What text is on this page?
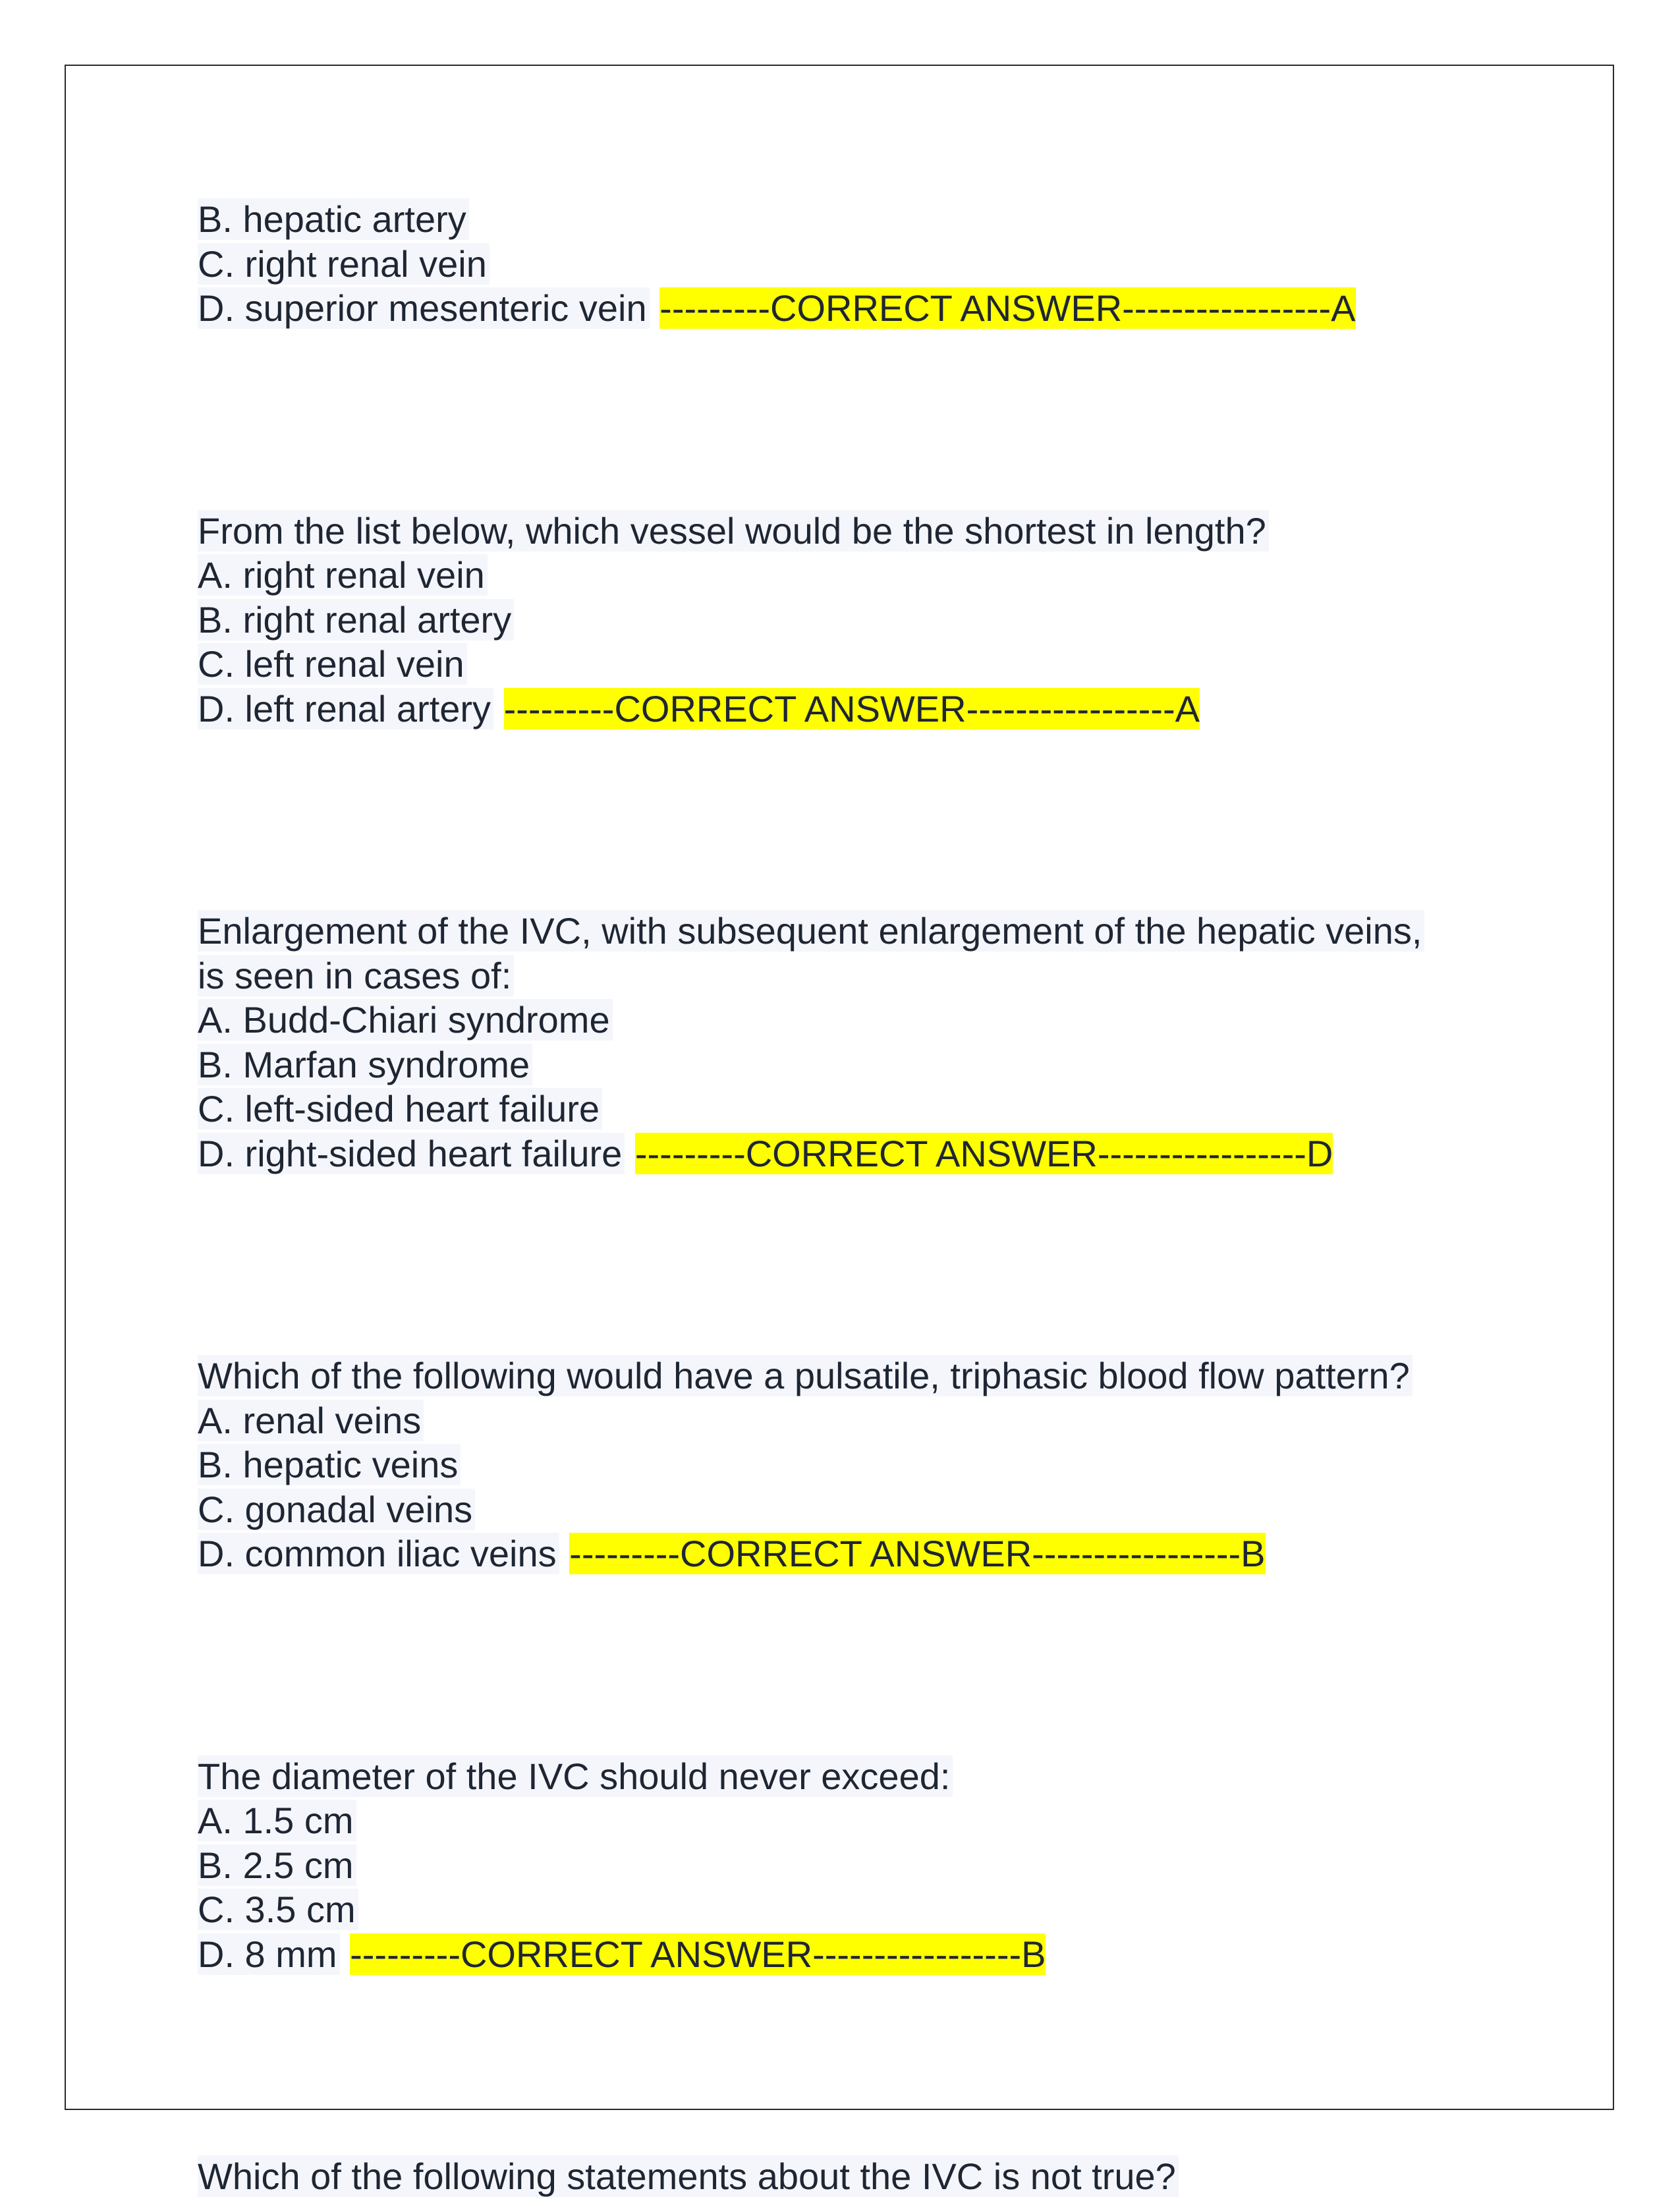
B. hepatic artery
C. right renal vein
D. superior mesenteric vein ---------CORRECT ANSWER-----------------A
From the list below, which vessel would be the shortest in length?
A. right renal vein
B. right renal artery
C. left renal vein
D. left renal artery ---------CORRECT ANSWER-----------------A
Enlargement of the IVC, with subsequent enlargement of the hepatic veins,
is seen in cases of:
A. Budd-Chiari syndrome
B. Marfan syndrome
C. left-sided heart failure
D. right-sided heart failure ---------CORRECT ANSWER-----------------D
Which of the following would have a pulsatile, triphasic blood flow pattern?
A. renal veins
B. hepatic veins
C. gonadal veins
D. common iliac veins ---------CORRECT ANSWER-----------------B
The diameter of the IVC should never exceed:
A. 1.5 cm
B. 2.5 cm
C. 3.5 cm
D. 8 mm ---------CORRECT ANSWER-----------------B
Which of the following statements about the IVC is not true?
